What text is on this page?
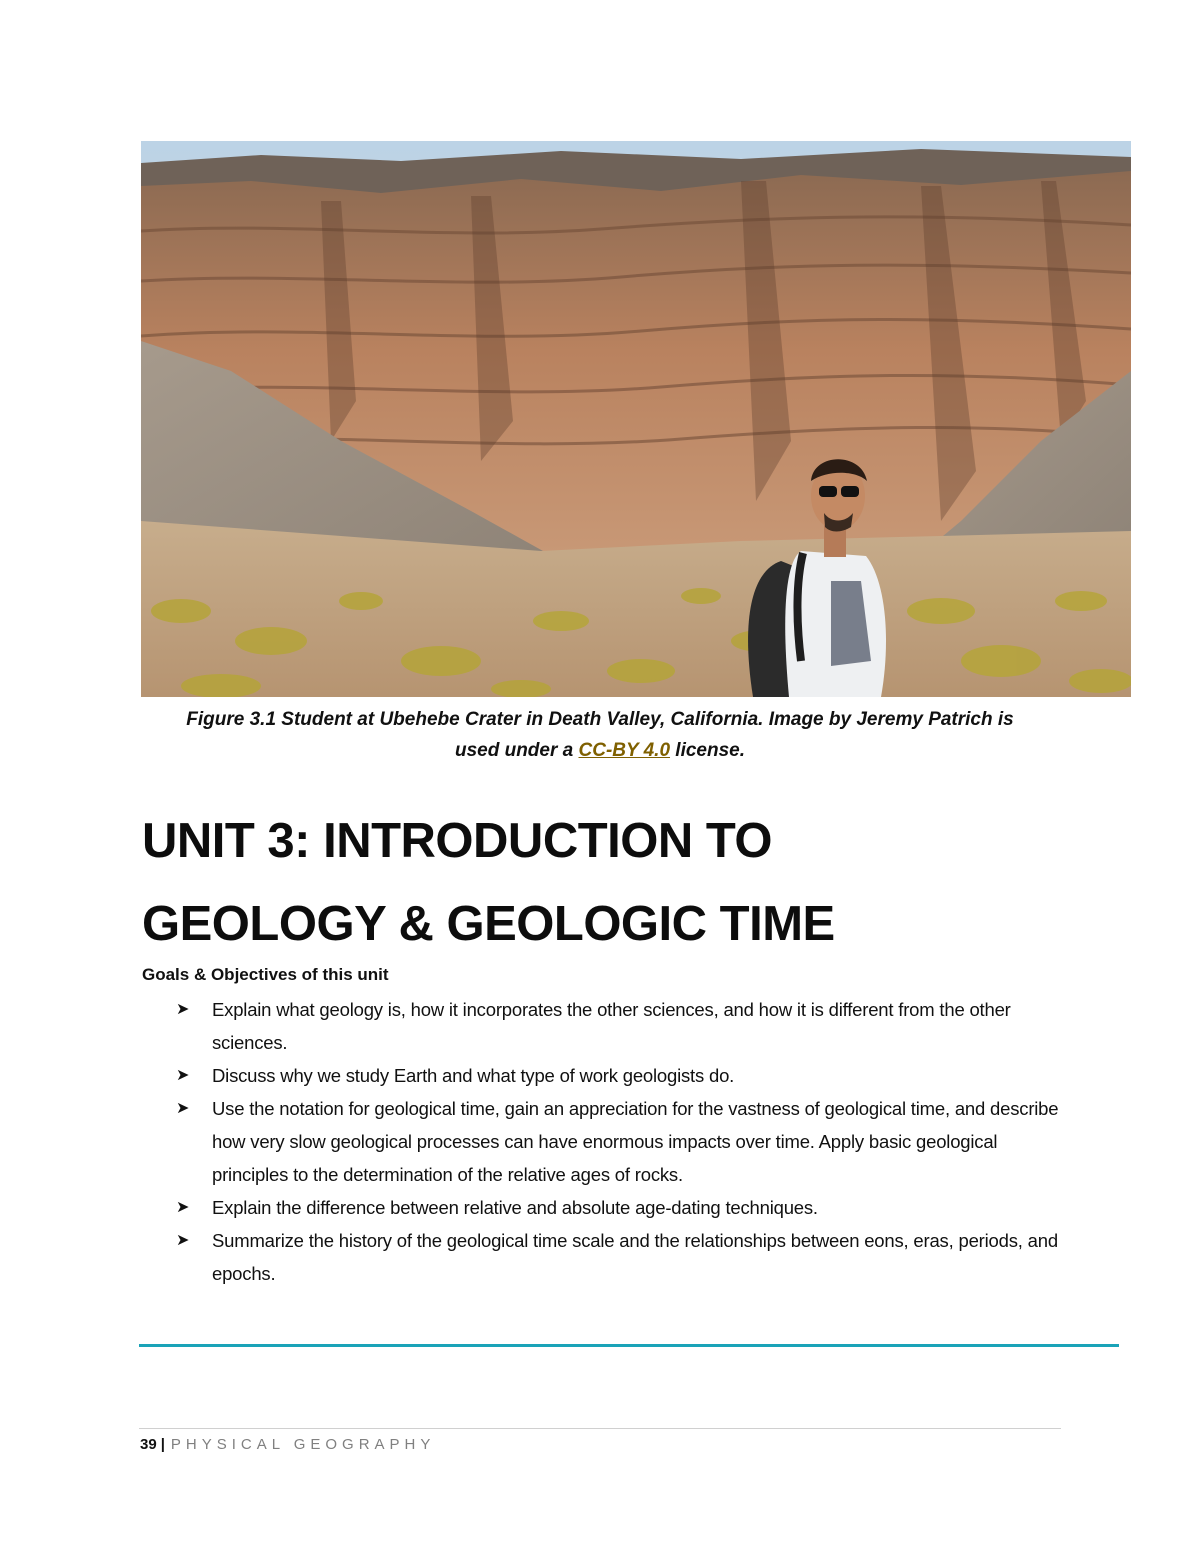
Figure 3.1 Student at Ubehebe Crater in Death Valley, California. Image by Jeremy Patrich is
used under a CC-BY 4.0 license.
UNIT 3: INTRODUCTION TO
GEOLOGY & GEOLOGIC TIME
Goals & Objectives of this unit
➤ Explain what geology is, how it incorporates the other sciences, and how it is different from the other sciences.
➤ Discuss why we study Earth and what type of work geologists do.
➤ Use the notation for geological time, gain an appreciation for the vastness of geological time, and describe how very slow geological processes can have enormous impacts over time. Apply basic geological principles to the determination of the relative ages of rocks.
➤ Explain the difference between relative and absolute age-dating techniques.
➤ Summarize the history of the geological time scale and the relationships between eons, eras, periods, and epochs.
39 | PHYSICAL GEOGRAPHY
